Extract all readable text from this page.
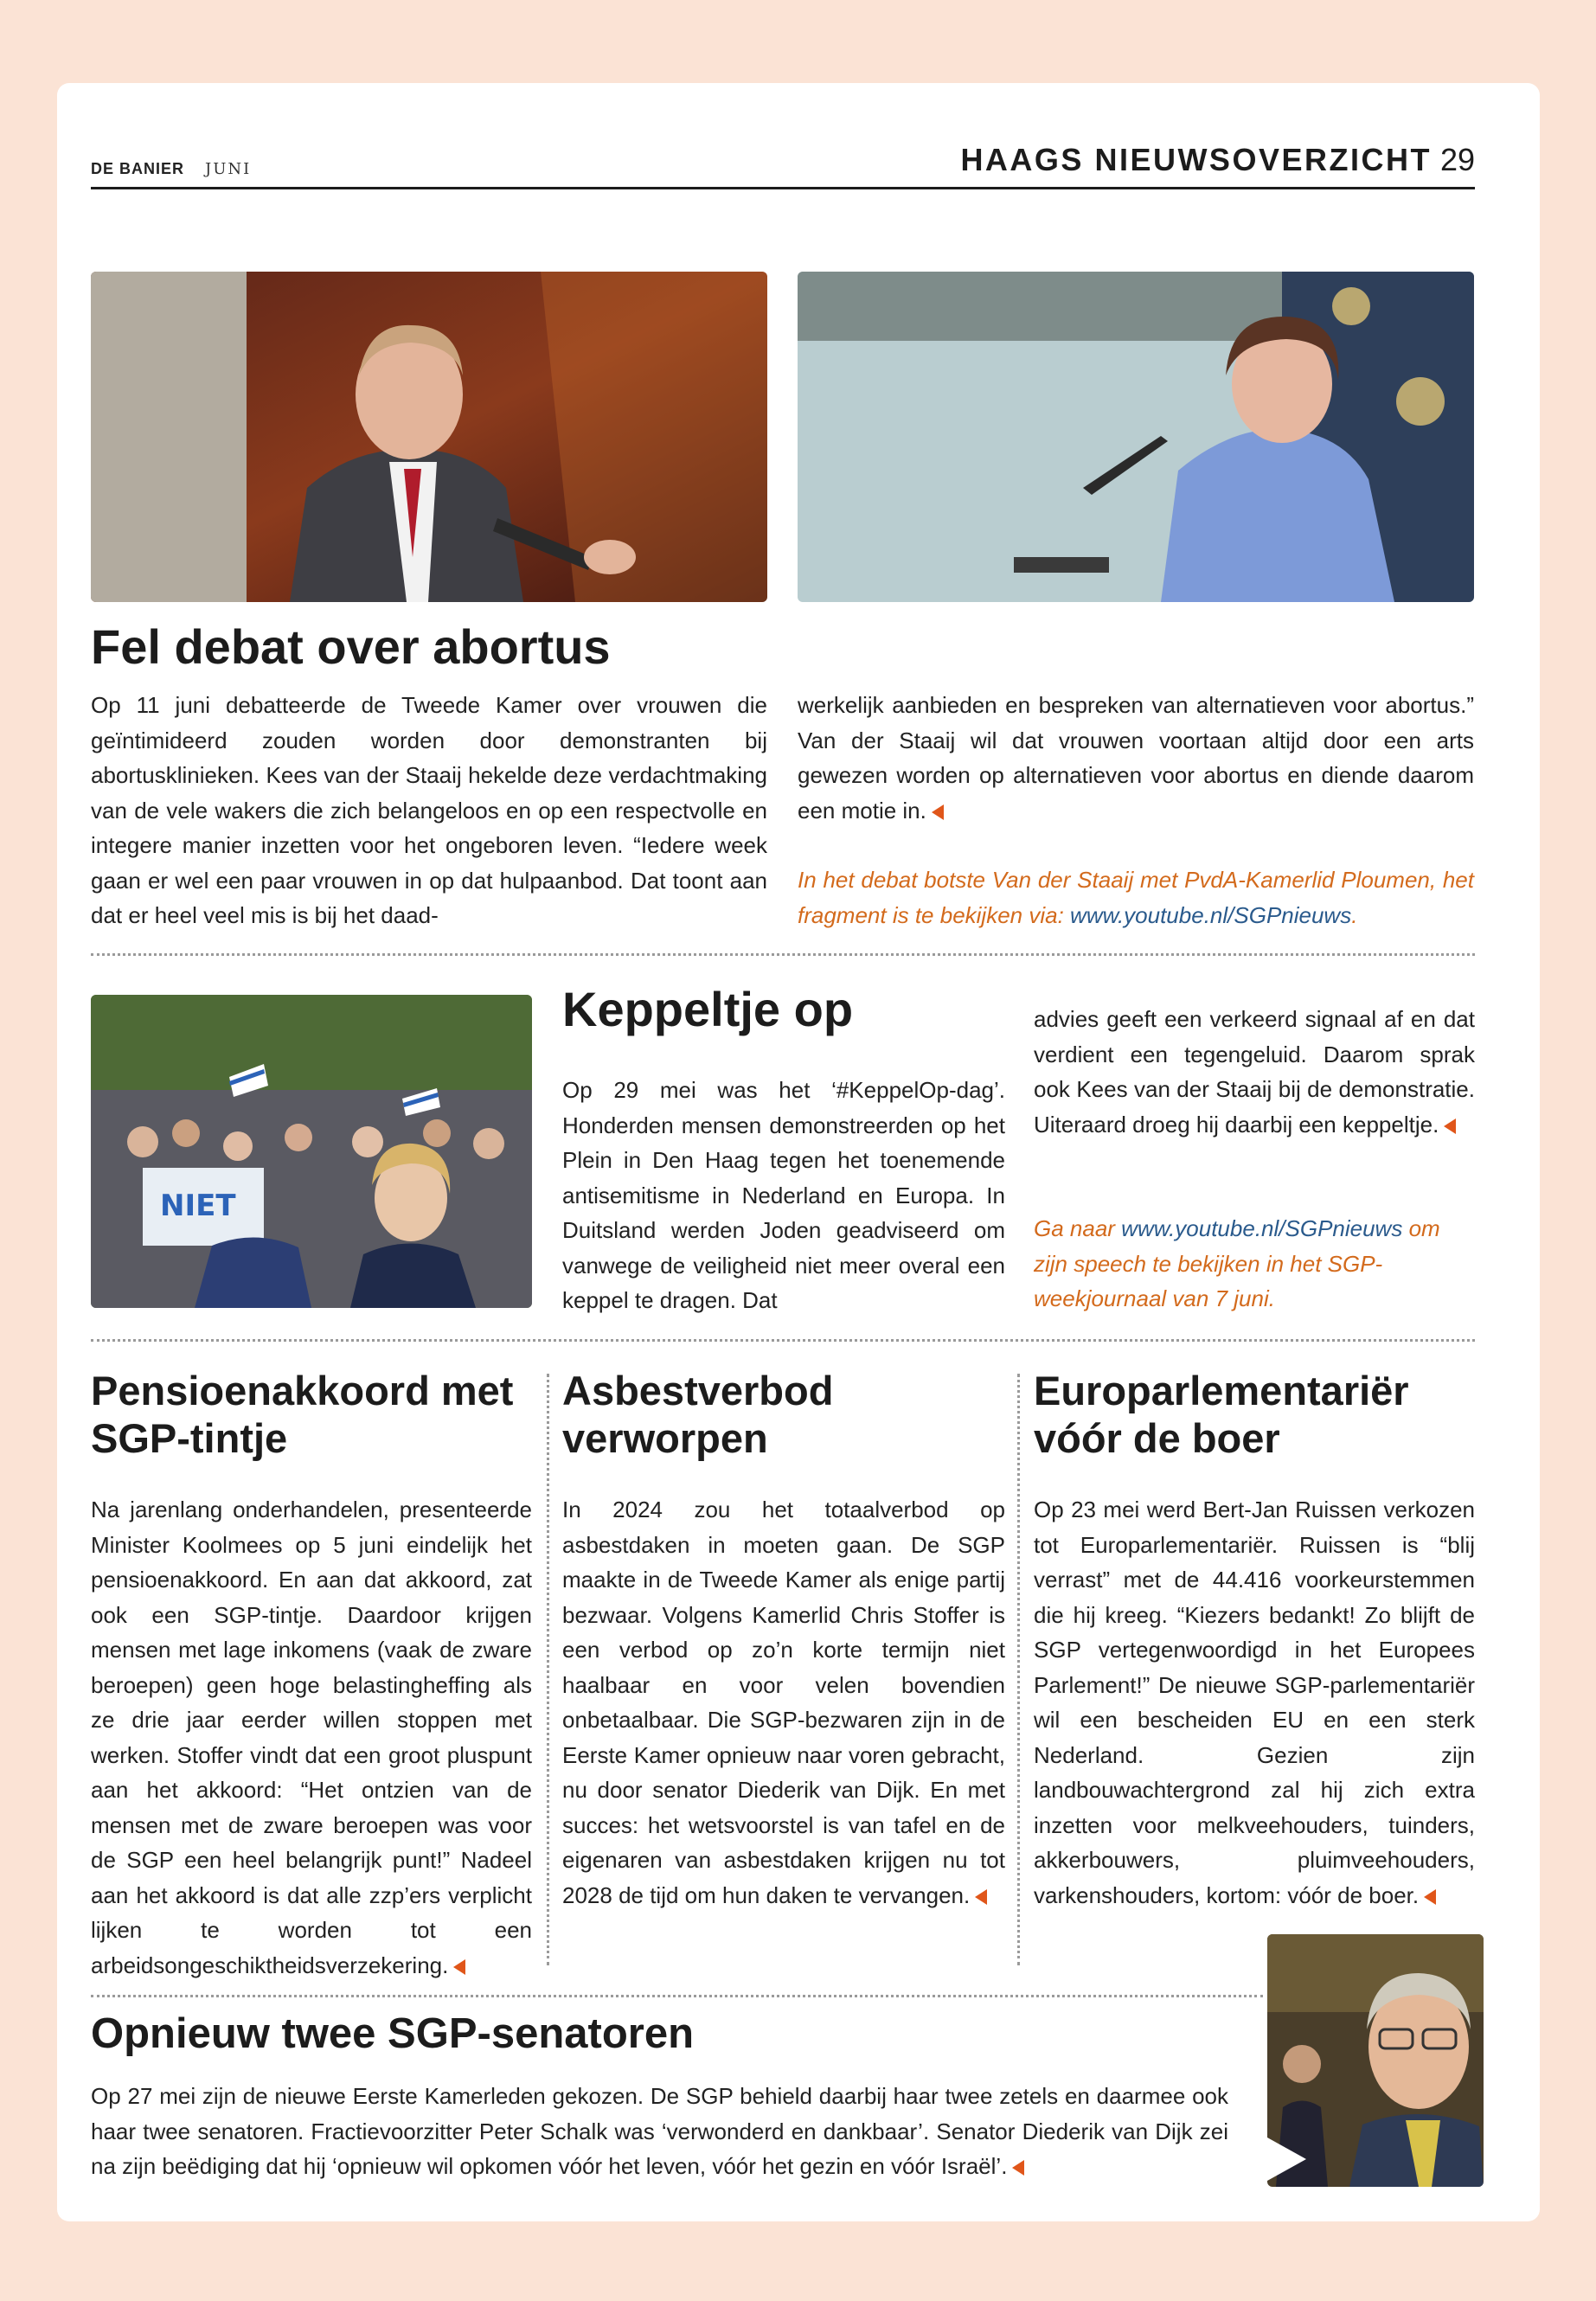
DE BANIER JUNI	HAAGS NIEUWSOVERZICHT 29
Fel debat over abortus
Op 11 juni debatteerde de Tweede Kamer over vrouwen die geïntimideerd zouden worden door demonstranten bij abortusklinieken. Kees van der Staaij hekelde deze verdachtmaking van de vele wakers die zich belangeloos en op een respectvolle en integere manier inzetten voor het ongeboren leven. “Iedere week gaan er wel een paar vrouwen in op dat hulpaanbod. Dat toont aan dat er heel veel mis is bij het daad-
werkelijk aanbieden en bespreken van alternatieven voor abortus.” Van der Staaij wil dat vrouwen voortaan altijd door een arts gewezen worden op alternatieven voor abortus en diende daarom een motie in.
In het debat botste Van der Staaij met PvdA-Kamerlid Ploumen, het fragment is te bekijken via: www.youtube.nl/SGPnieuws.
NIET
Keppeltje op
Op 29 mei was het ‘#KeppelOp-dag’. Honderden mensen demonstreerden op het Plein in Den Haag tegen het toenemende antisemitisme in Nederland en Europa. In Duitsland werden Joden geadviseerd om vanwege de veiligheid niet meer overal een keppel te dragen. Dat
advies geeft een verkeerd signaal af en dat verdient een tegengeluid. Daarom sprak ook Kees van der Staaij bij de demonstratie. Uiteraard droeg hij daarbij een keppeltje.
Ga naar www.youtube.nl/SGPnieuws om zijn speech te bekijken in het SGP-weekjournaal van 7 juni.
Pensioenakkoord met
SGP-tintje
Na jarenlang onderhandelen, presenteerde Minister Koolmees op 5 juni eindelijk het pensioenakkoord. En aan dat akkoord, zat ook een SGP-tintje. Daardoor krijgen mensen met lage inkomens (vaak de zware beroepen) geen hoge belastingheffing als ze drie jaar eerder willen stoppen met werken. Stoffer vindt dat een groot pluspunt aan het akkoord: “Het ontzien van de mensen met de zware beroepen was voor de SGP een heel belangrijk punt!” Nadeel aan het akkoord is dat alle zzp’ers verplicht lijken te worden tot een arbeidsongeschiktheidsverzekering.
Asbestverbod
verworpen
In 2024 zou het totaalverbod op asbestdaken in moeten gaan. De SGP maakte in de Tweede Kamer als enige partij bezwaar. Volgens Kamerlid Chris Stoffer is een verbod op zo’n korte termijn niet haalbaar en voor velen bovendien onbetaalbaar. Die SGP-bezwaren zijn in de Eerste Kamer opnieuw naar voren gebracht, nu door senator Diederik van Dijk. En met succes: het wetsvoorstel is van tafel en de eigenaren van asbestdaken krijgen nu tot 2028 de tijd om hun daken te vervangen.
Europarlementariër
vóór de boer
Op 23 mei werd Bert-Jan Ruissen verkozen tot Europarlementariër. Ruissen is “blij verrast” met de 44.416 voorkeurstemmen die hij kreeg. “Kiezers bedankt! Zo blijft de SGP vertegenwoordigd in het Europees Parlement!” De nieuwe SGP-parlementariër wil een bescheiden EU en een sterk Nederland. Gezien zijn landbouwachtergrond zal hij zich extra inzetten voor melkveehouders, tuinders, akkerbouwers, pluimveehouders, varkenshouders, kortom: vóór de boer.
Opnieuw twee SGP-senatoren
Op 27 mei zijn de nieuwe Eerste Kamerleden gekozen. De SGP behield daarbij haar twee zetels en daarmee ook haar twee senatoren. Fractievoorzitter Peter Schalk was ‘verwonderd en dankbaar’. Senator Diederik van Dijk zei na zijn beëdiging dat hij ‘opnieuw wil opkomen vóór het leven, vóór het gezin en vóór Israël’.
